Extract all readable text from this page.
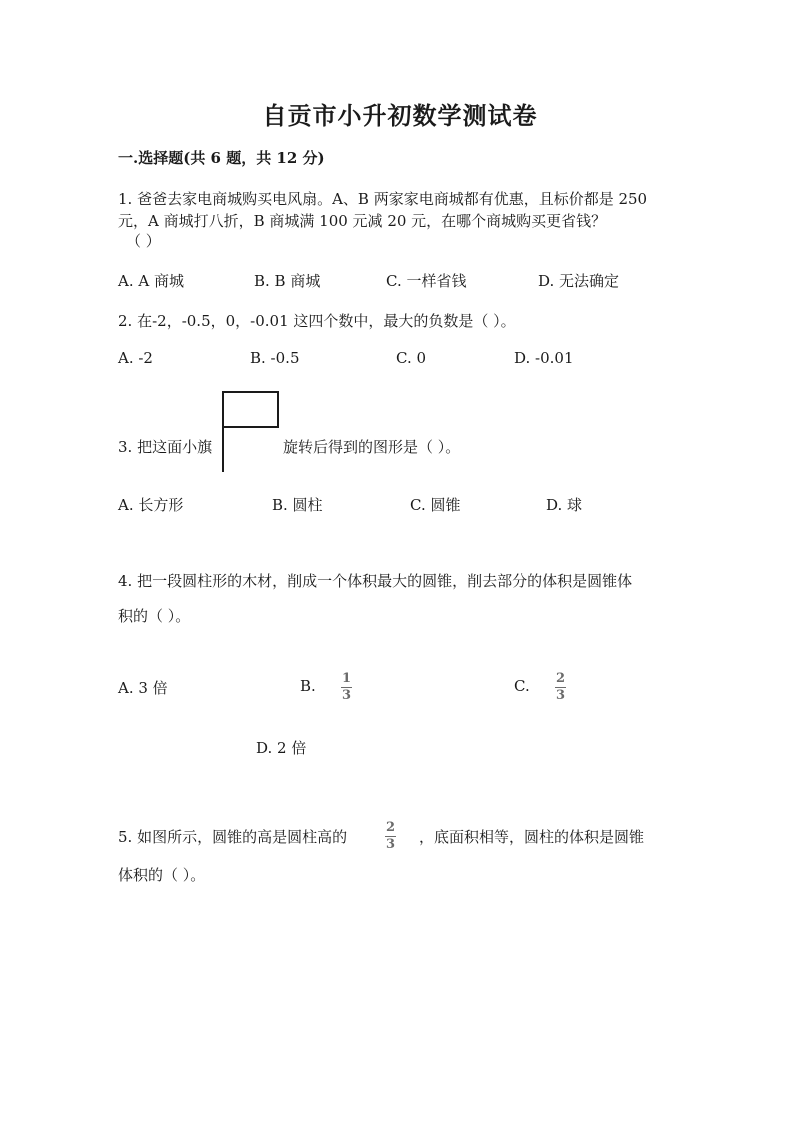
自贡市小升初数学测试卷
一.选择题(共 6 题，共 12 分)
1. 爸爸去家电商城购买电风扇。A、B 两家家电商城都有优惠，且标价都是 250
元，A 商城打八折，B 商城满 100 元减 20 元，在哪个商城购买更省钱？
（ ）
A. A 商城	B. B 商城	C. 一样省钱	D. 无法确定
2. 在-2，-0.5，0，-0.01 这四个数中，最大的负数是（ ）。
A. -2	B. -0.5	C. 0	D. -0.01
3. 把这面小旗	旋转后得到的图形是（ ）。
A. 长方形	B. 圆柱	C. 圆锥	D. 球
4. 把一段圆柱形的木材，削成一个体积最大的圆锥，削去部分的体积是圆锥体
积的（ ）。
A. 3 倍	B. 1
3
C. 2
3
D. 2 倍
5. 如图所示，圆锥的高是圆柱高的
2
3 ，底面积相等，圆柱的体积是圆锥
体积的（ ）。
